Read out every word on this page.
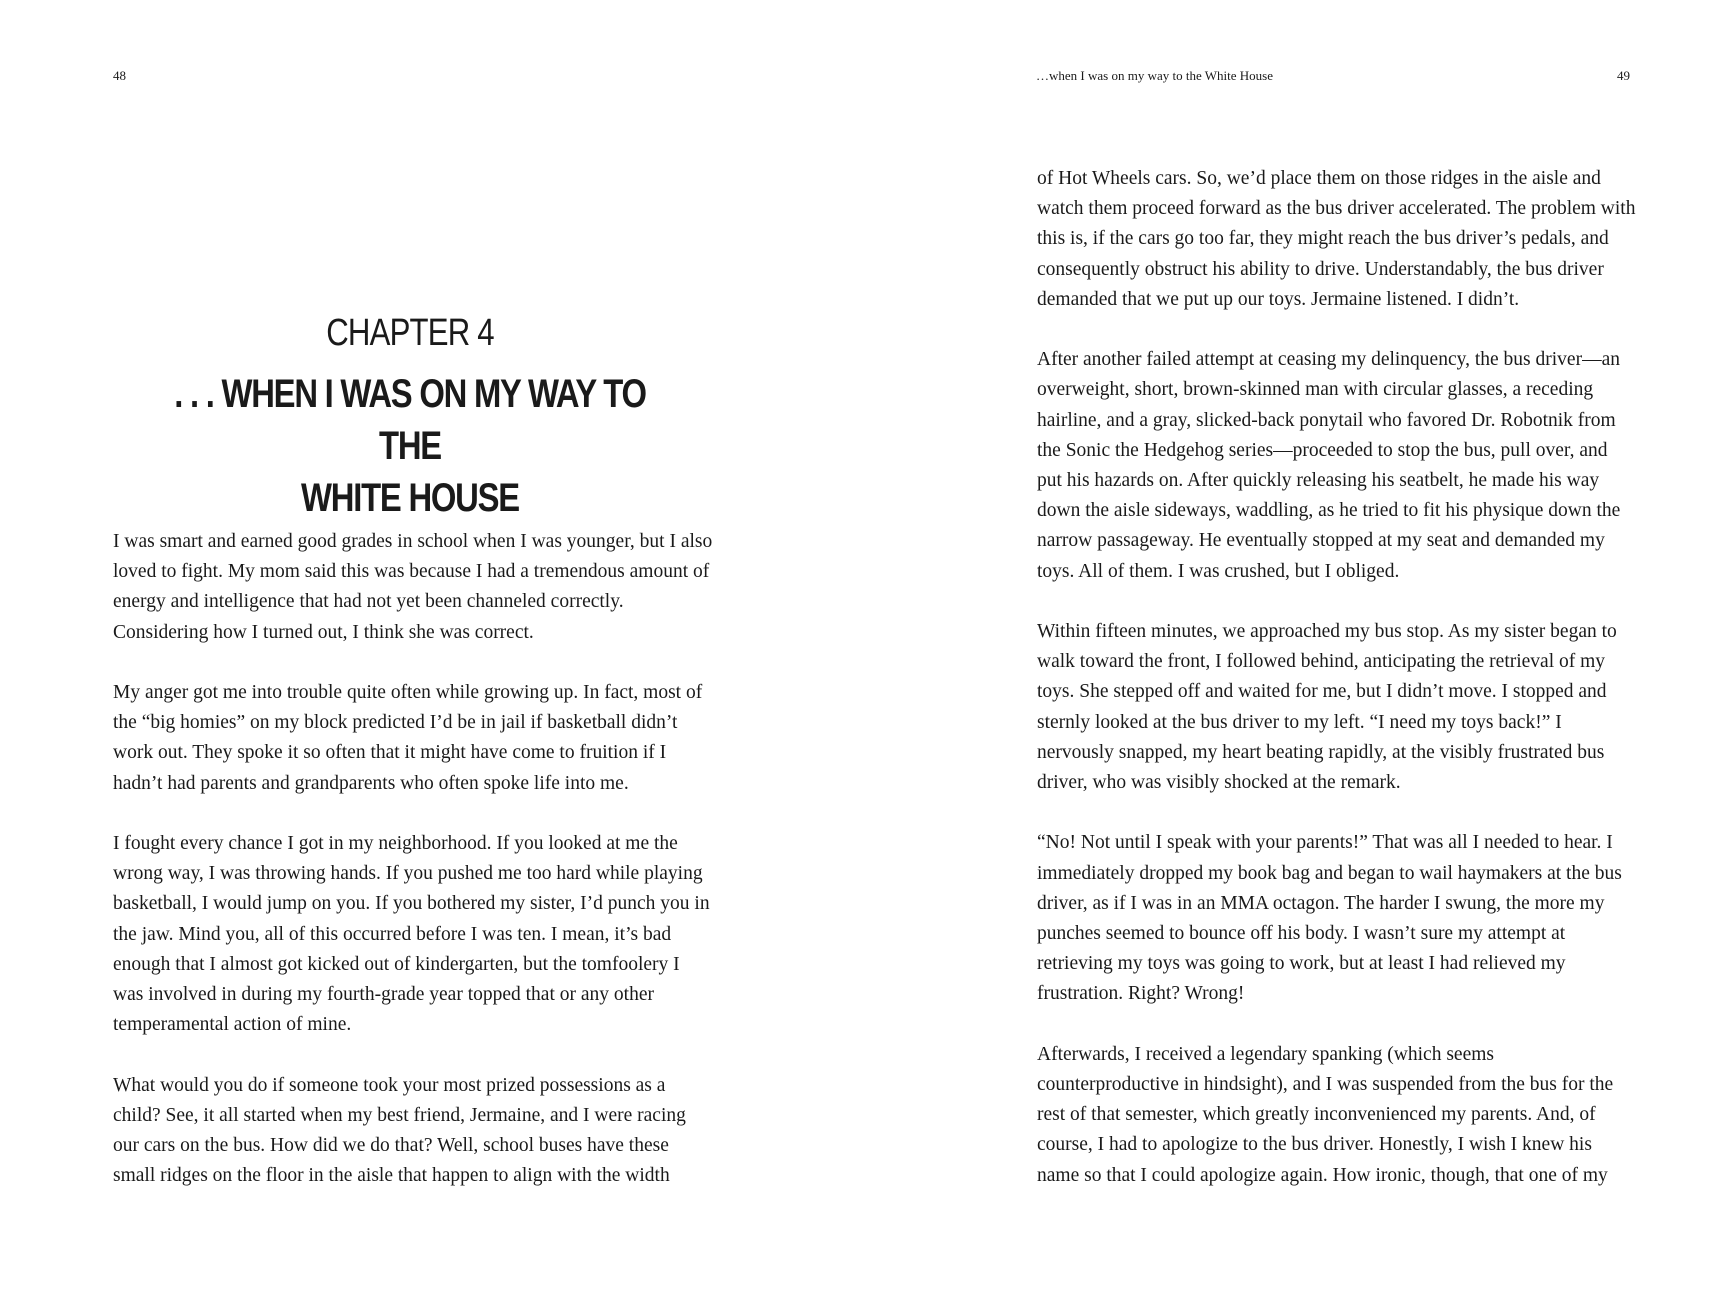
48
CHAPTER 4
. . . WHEN I WAS ON MY WAY TO THE
WHITE HOUSE

I was smart and earned good grades in school when I was younger, but I also loved to fight. My mom said this was because I had a tremendous amount of energy and intelligence that had not yet been channeled correctly. Considering how I turned out, I think she was correct.

My anger got me into trouble quite often while growing up. In fact, most of the “big homies” on my block predicted I’d be in jail if basketball didn’t work out. They spoke it so often that it might have come to fruition if I hadn’t had parents and grandparents who often spoke life into me.

I fought every chance I got in my neighborhood. If you looked at me the wrong way, I was throwing hands. If you pushed me too hard while playing basketball, I would jump on you. If you bothered my sister, I’d punch you in the jaw. Mind you, all of this occurred before I was ten. I mean, it’s bad enough that I almost got kicked out of kindergarten, but the tomfoolery I was involved in during my fourth-grade year topped that or any other temperamental action of mine.

What would you do if someone took your most prized possessions as a child? See, it all started when my best friend, Jermaine, and I were racing our cars on the bus. How did we do that? Well, school buses have these small ridges on the floor in the aisle that happen to align with the width

…when I was on my way to the White House	49

of Hot Wheels cars. So, we’d place them on those ridges in the aisle and watch them proceed forward as the bus driver accelerated. The problem with this is, if the cars go too far, they might reach the bus driver’s pedals, and consequently obstruct his ability to drive. Understandably, the bus driver demanded that we put up our toys. Jermaine listened. I didn’t.

After another failed attempt at ceasing my delinquency, the bus driver—an overweight, short, brown-skinned man with circular glasses, a receding hairline, and a gray, slicked-back ponytail who favored Dr. Robotnik from the Sonic the Hedgehog series—proceeded to stop the bus, pull over, and put his hazards on. After quickly releasing his seatbelt, he made his way down the aisle sideways, waddling, as he tried to fit his physique down the narrow passageway. He eventually stopped at my seat and demanded my toys. All of them. I was crushed, but I obliged.

Within fifteen minutes, we approached my bus stop. As my sister began to walk toward the front, I followed behind, anticipating the retrieval of my toys. She stepped off and waited for me, but I didn’t move. I stopped and sternly looked at the bus driver to my left. “I need my toys back!” I nervously snapped, my heart beating rapidly, at the visibly frustrated bus driver, who was visibly shocked at the remark.

“No! Not until I speak with your parents!” That was all I needed to hear. I immediately dropped my book bag and began to wail haymakers at the bus driver, as if I was in an MMA octagon. The harder I swung, the more my punches seemed to bounce off his body. I wasn’t sure my attempt at retrieving my toys was going to work, but at least I had relieved my frustration. Right? Wrong!

Afterwards, I received a legendary spanking (which seems counterproductive in hindsight), and I was suspended from the bus for the rest of that semester, which greatly inconvenienced my parents. And, of course, I had to apologize to the bus driver. Honestly, I wish I knew his name so that I could apologize again. How ironic, though, that one of my
